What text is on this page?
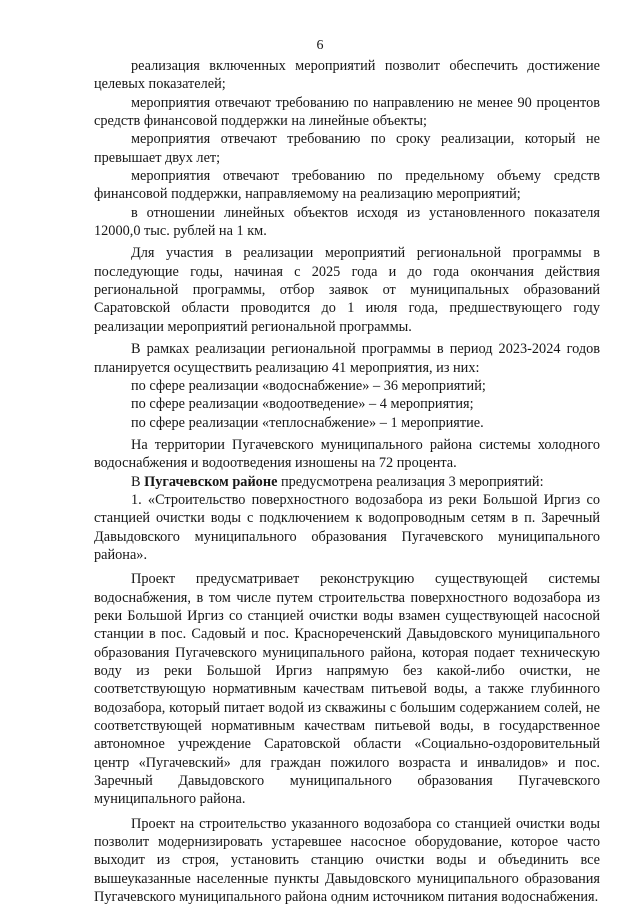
6

реализация включенных мероприятий позволит обеспечить достижение целевых показателей;

мероприятия отвечают требованию по направлению не менее 90 процентов средств финансовой поддержки на линейные объекты;

мероприятия отвечают требованию по сроку реализации, который не превышает двух лет;

мероприятия отвечают требованию по предельному объему средств финансовой поддержки, направляемому на реализацию мероприятий;

в отношении линейных объектов исходя из установленного показателя 12000,0 тыс. рублей на 1 км.

Для участия в реализации мероприятий региональной программы в последующие годы, начиная с 2025 года и до года окончания действия региональной программы, отбор заявок от муниципальных образований Саратовской области проводится до 1 июля года, предшествующего году реализации мероприятий региональной программы.

В рамках реализации региональной программы в период 2023-2024 годов планируется осуществить реализацию 41 мероприятия, из них:

по сфере реализации «водоснабжение» – 36 мероприятий;

по сфере реализации «водоотведение» – 4 мероприятия;

по сфере реализации «теплоснабжение» – 1 мероприятие.

На территории Пугачевского муниципального района системы холодного водоснабжения и водоотведения изношены на 72 процента.

В Пугачевском районе предусмотрена реализация 3 мероприятий:

1. «Строительство поверхностного водозабора из реки Большой Иргиз со станцией очистки воды с подключением к водопроводным сетям в п. Заречный Давыдовского муниципального образования Пугачевского муниципального района».

Проект предусматривает реконструкцию существующей системы водоснабжения, в том числе путем строительства поверхностного водозабора из реки Большой Иргиз со станцией очистки воды взамен существующей насосной станции в пос. Садовый и пос. Краснореченский Давыдовского муниципального образования Пугачевского муниципального района, которая подает техническую воду из реки Большой Иргиз напрямую без какой-либо очистки, не соответствующую нормативным качествам питьевой воды, а также глубинного водозабора, который питает водой из скважины с большим содержанием солей, не соответствующей нормативным качествам питьевой воды, в государственное автономное учреждение Саратовской области «Социально-оздоровительный центр «Пугачевский» для граждан пожилого возраста и инвалидов» и пос. Заречный Давыдовского муниципального образования Пугачевского муниципального района.

Проект на строительство указанного водозабора со станцией очистки воды позволит модернизировать устаревшее насосное оборудование, которое часто выходит из строя, установить станцию очистки воды и объединить все вышеуказанные населенные пункты Давыдовского муниципального образования Пугачевского муниципального района одним источником питания водоснабжения.
